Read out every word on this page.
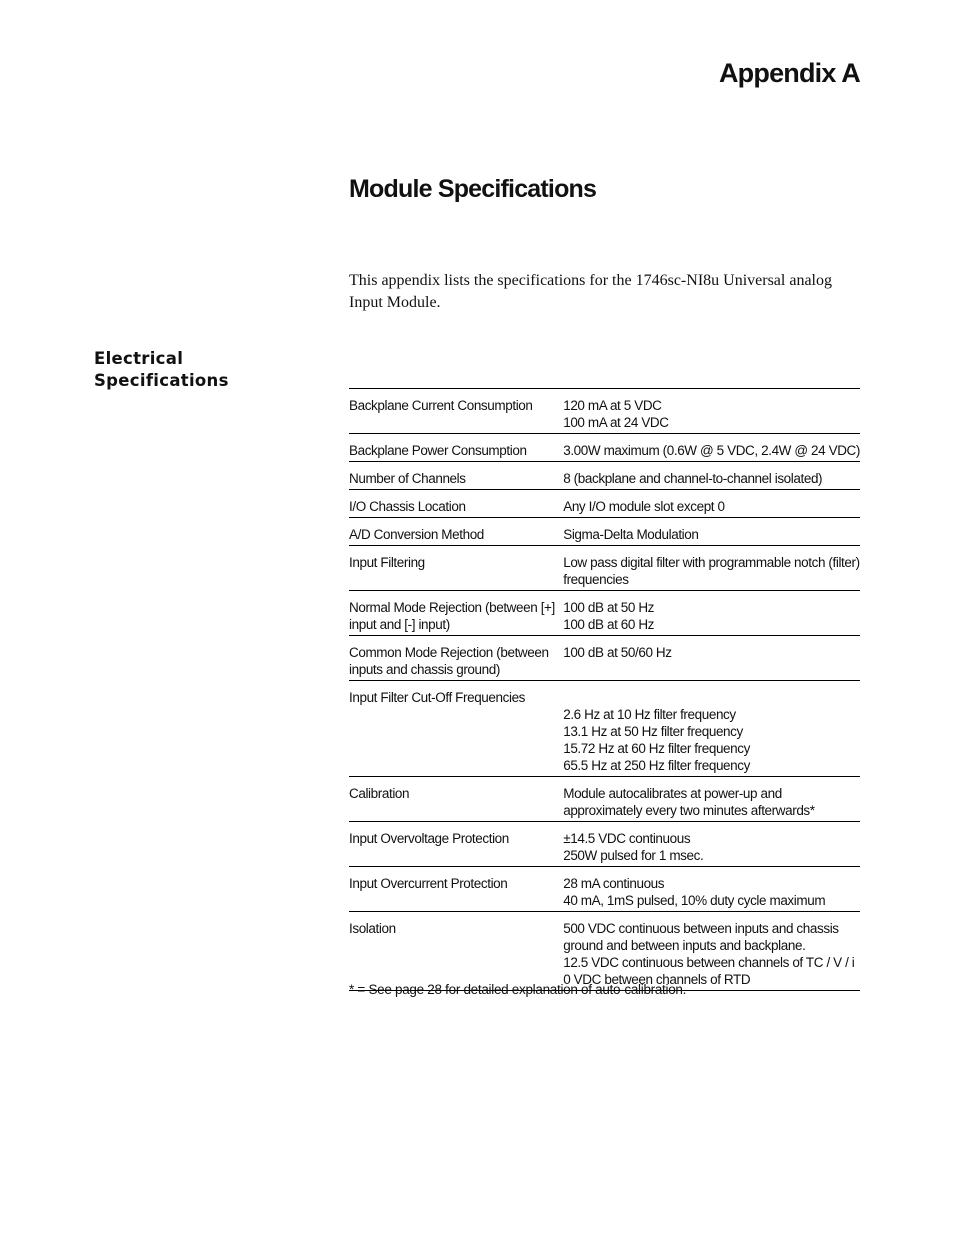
Appendix A
Module Specifications

This appendix lists the specifications for the 1746sc-NI8u Universal analog Input Module.

Electrical
Specifications
Backplane Current Consumption	120 mA at 5 VDC
100 mA at 24 VDC

Backplane Power Consumption	3.00W maximum (0.6W @ 5 VDC, 2.4W @ 24 VDC)

Number of Channels	8 (backplane and channel-to-channel isolated)

I/O Chassis Location	Any I/O module slot except 0

A/D Conversion Method	Sigma-Delta Modulation

Input Filtering	Low pass digital filter with programmable notch (filter) frequencies

Normal Mode Rejection (between [+] input and [-] input)	100 dB at 50 Hz
100 dB at 60 Hz

Common Mode Rejection (between inputs and chassis ground)	100 dB at 50/60 Hz

Input Filter Cut-Off Frequencies	2.6 Hz at 10 Hz filter frequency
13.1 Hz at 50 Hz filter frequency
15.72 Hz at 60 Hz filter frequency
65.5 Hz at 250 Hz filter frequency

Calibration	Module autocalibrates at power-up and
approximately every two minutes afterwards*

Input Overvoltage Protection	±14.5 VDC continuous
250W pulsed for 1 msec.

Input Overcurrent Protection	28 mA continuous
40 mA, 1mS pulsed, 10% duty cycle maximum

Isolation	500 VDC continuous between inputs and chassis
ground and between inputs and backplane.
12.5 VDC continuous between channels of TC / V / i
0 VDC between channels of RTD

* = See page 28 for detailed explanation of auto-calibration.
